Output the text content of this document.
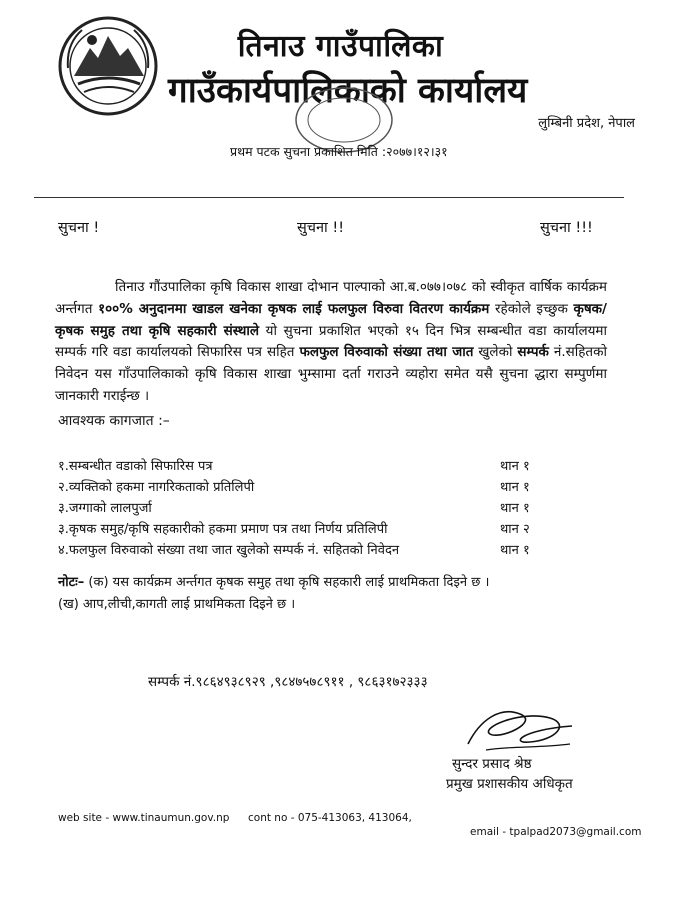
तिनाउ गाउँपालिका
गाउँकार्यपालिकाको कार्यालय
लुम्बिनी प्रदेश, नेपाल
प्रथम पटक सुचना प्रकाशित मिति :२०७७।१२।३१
सुचना !	सुचना !!	सुचना !!!
तिनाउ गौंउपालिका कृषि विकास शाखा दोभान पाल्पाको आ.ब.०७७।०७८ को स्वीकृत वार्षिक कार्यक्रम अर्न्तगत १००% अनुदानमा खाडल खनेका कृषक लाई फलफुल विरुवा वितरण कार्यक्रम रहेकोले इच्छुक कृषक/कृषक समुह तथा कृषि सहकारी संस्थाले यो सुचना प्रकाशित भएको १५ दिन भित्र सम्बन्धीत वडा कार्यालयमा सम्पर्क गरि वडा कार्यालयको सिफारिस पत्र सहित फलफुल विरुवाको संख्या तथा जात खुलेको सम्पर्क नं.सहितको निवेदन यस गाँउपालिकाको कृषि विकास शाखा भुम्सामा दर्ता गराउने व्यहोरा समेत यसै सुचना द्धारा सम्पुर्णमा जानकारी गराईन्छ ।
आवश्यक कागजात :–
१.सम्बन्धीत वडाको सिफारिस पत्र	थान १
२.व्यक्तिको हकमा नागरिकताको प्रतिलिपी	थान १
३.जग्गाको लालपुर्जा	थान १
३.कृषक समुह/कृषि सहकारीको हकमा प्रमाण पत्र तथा निर्णय प्रतिलिपी	थान २
४.फलफुल विरुवाको संख्या तथा जात खुलेको सम्पर्क नं. सहितको निवेदन	थान १
नोटः– (क) यस कार्यक्रम अर्न्तगत कृषक समुह तथा कृषि सहकारी लाई प्राथमिकता दिइने छ ।
(ख) आप,लीची,कागती लाई प्राथमिकता दिइने छ ।
सम्पर्क नं.९८६४९३८९२९ ,९८४७५७८९११ , ९८६३१७२३३३
सुन्दर प्रसाद श्रेष्ठ
प्रमुख प्रशासकीय अधिकृत
web site - www.tinaumun.gov.np cont no - 075-413063, 413064,
email - tpalpad2073@gmail.com
